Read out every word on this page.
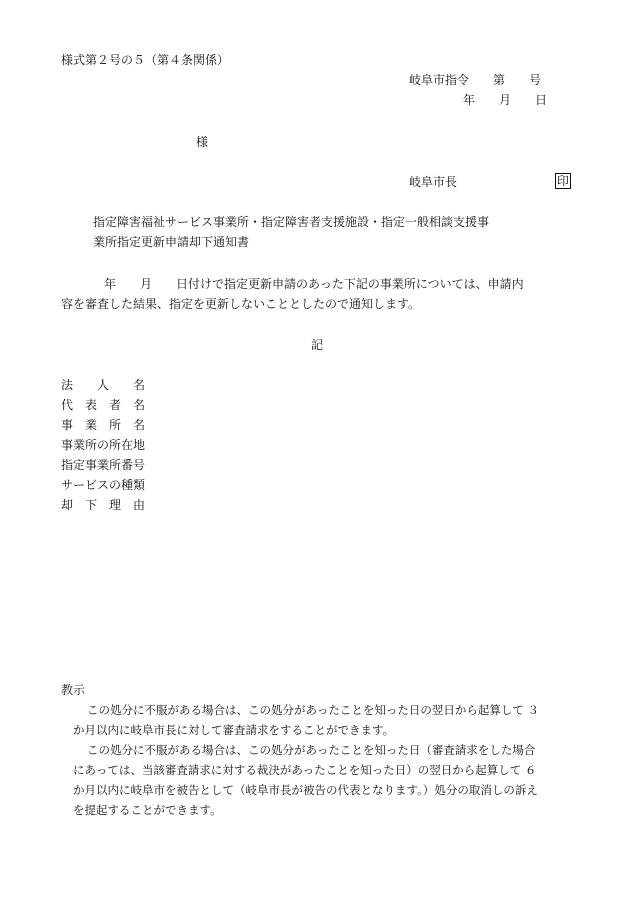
様式第２号の５（第４条関係）
岐阜市指令　　第　　号
年　　月　　日
様
岐阜市長	印
指定障害福祉サービス事業所・指定障害者支援施設・指定一般相談支援事
業所指定更新申請却下通知書
年　　月　　日付けで指定更新申請のあった下記の事業所については、申請内
容を審査した結果、指定を更新しないこととしたので通知します。
記
法　　人　　名
代　表　者　名
事　業　所　名
事業所の所在地
指定事業所番号
サービスの種類
却　下　理　由
教示
この処分に不服がある場合は、この処分があったことを知った日の翌日から起算して ３
か月以内に岐阜市長に対して審査請求をすることができます。
この処分に不服がある場合は、この処分があったことを知った日（審査請求をした場合
にあっては、当該審査請求に対する裁決があったことを知った日）の翌日から起算して ６
か月以内に岐阜市を被告として（岐阜市長が被告の代表となります。）処分の取消しの訴え
を提起することができます。
